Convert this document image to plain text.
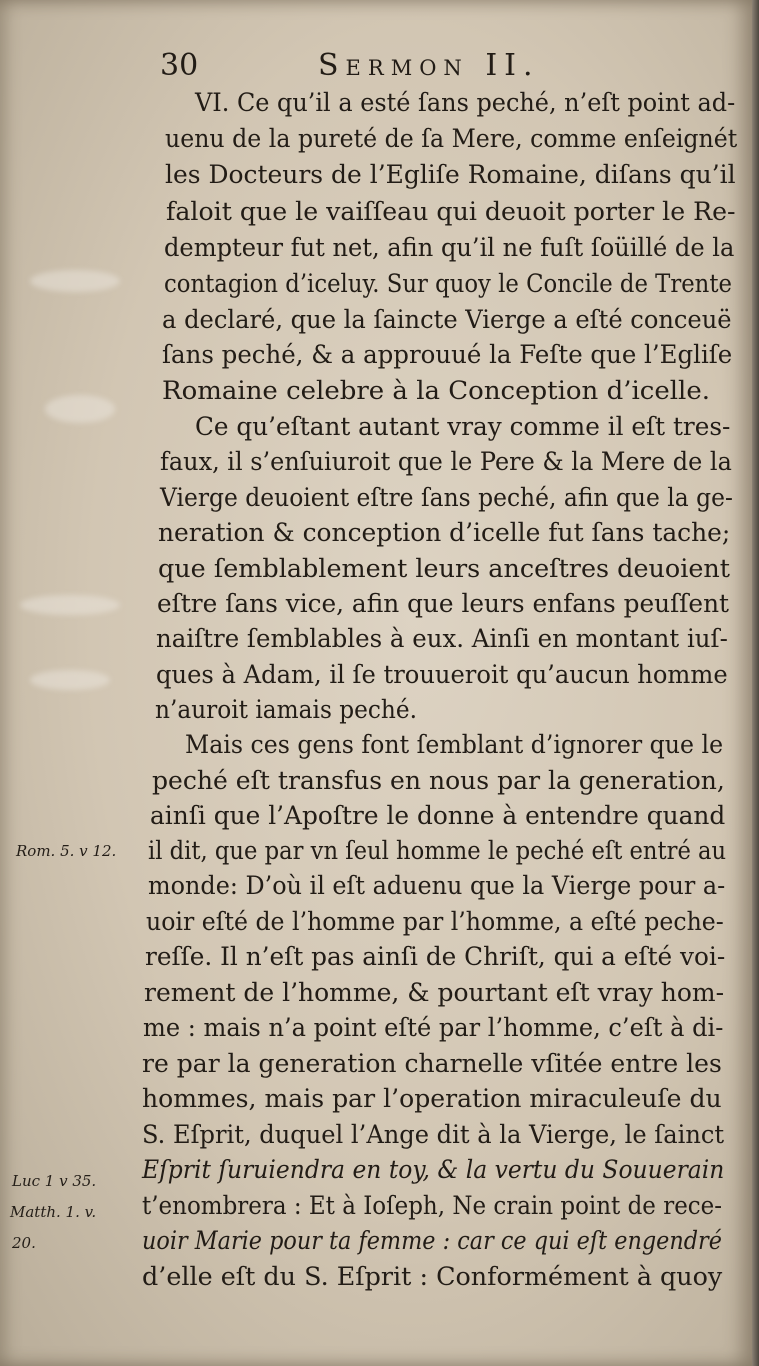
30	Sermon II.
VI. Ce qu’il a esté ſans peché, n’eſt point ad-
uenu de la pureté de ſa Mere, comme enſeignét
les Docteurs de l’Egliſe Romaine, diſans qu’il
faloit que le vaiſſeau qui deuoit porter le Re-
dempteur fut net, afin qu’il ne fuſt ſoüillé de la
contagion d’iceluy. Sur quoy le Concile de Trente
a declaré, que la ſaincte Vierge a eſté conceuë
ſans peché, & a approuué la Feſte que l’Egliſe
Romaine celebre à la Conception d’icelle.
Ce qu’eſtant autant vray comme il eſt tres-
faux, il s’enſuiuroit que le Pere & la Mere de la
Vierge deuoient eſtre ſans peché, afin que la ge-
neration & conception d’icelle fut ſans tache;
que ſemblablement leurs anceſtres deuoient
eſtre ſans vice, afin que leurs enfans peuſſent
naiſtre ſemblables à eux. Ainſi en montant iuſ-
ques à Adam, il ſe trouueroit qu’aucun homme
n’auroit iamais peché.
Mais ces gens font ſemblant d’ignorer que le
peché eſt transfus en nous par la generation,
ainſi que l’Apoſtre le donne à entendre quand
il dit, que par vn ſeul homme le peché eſt entré au
monde: D’où il eſt aduenu que la Vierge pour a-
uoir eſté de l’homme par l’homme, a eſté peche-
reſſe. Il n’eſt pas ainſi de Chriſt, qui a eſté voi-
rement de l’homme, & pourtant eſt vray hom-
me : mais n’a point eſté par l’homme, c’eſt à di-
re par la generation charnelle vſitée entre les
hommes, mais par l’operation miraculeuſe du
S. Eſprit, duquel l’Ange dit à la Vierge, le ſainct
Eſprit ſuruiendra en toy, & la vertu du Souuerain
t’enombrera : Et à Ioſeph, Ne crain point de rece-
uoir Marie pour ta femme : car ce qui eſt engendré
d’elle eſt du S. Eſprit : Conformément à quoy
Rom. 5. v 12.
Luc 1 v 35.
Matth. 1. v.
20.
